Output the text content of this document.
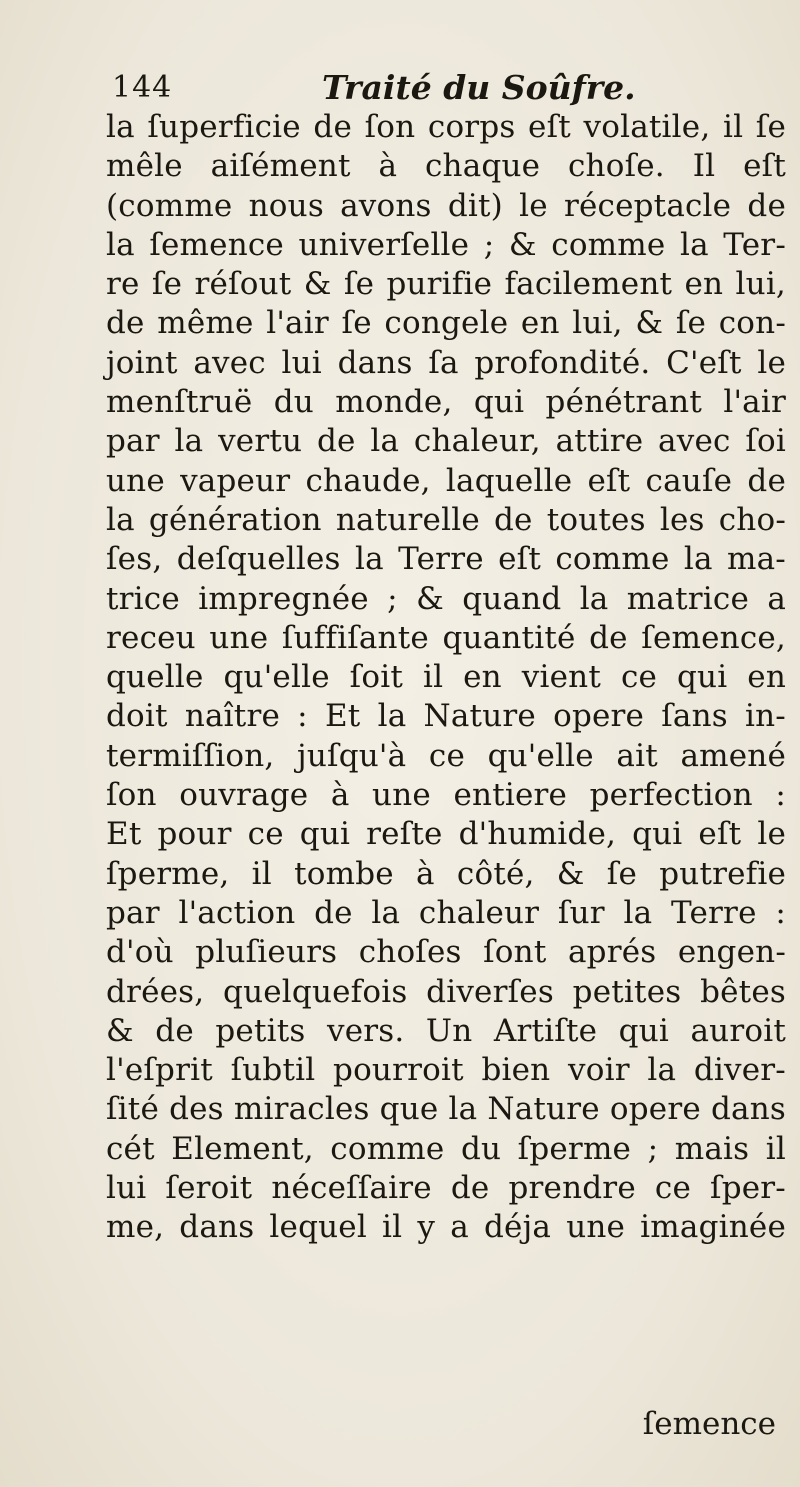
144	Traité du Soûfre.
la ſuperficie de ſon corps eſt volatile, il ſe
mêle aiſément à chaque choſe. Il eſt
(comme nous avons dit) le réceptacle de
la ſemence univerſelle ; & comme la Ter-
re ſe réſout & ſe purifie facilement en lui,
de même l'air ſe congele en lui, & ſe con-
joint avec lui dans ſa profondité. C'eſt le
menſtruë du monde, qui pénétrant l'air
par la vertu de la chaleur, attire avec ſoi
une vapeur chaude, laquelle eſt cauſe de
la génération naturelle de toutes les cho-
ſes, deſquelles la Terre eſt comme la ma-
trice impregnée ; & quand la matrice a
receu une ſuffiſante quantité de ſemence,
quelle qu'elle ſoit il en vient ce qui en
doit naître : Et la Nature opere ſans in-
termiſſion, juſqu'à ce qu'elle ait amené
ſon ouvrage à une entiere perfection :
Et pour ce qui reſte d'humide, qui eſt le
ſperme, il tombe à côté, & ſe putrefie
par l'action de la chaleur ſur la Terre :
d'où pluſieurs choſes ſont aprés engen-
drées, quelquefois diverſes petites bêtes
& de petits vers. Un Artiſte qui auroit
l'eſprit ſubtil pourroit bien voir la diver-
ſité des miracles que la Nature opere dans
cét Element, comme du ſperme ; mais il
lui ſeroit néceſſaire de prendre ce ſper-
me, dans lequel il y a déja une imaginée
ſemence
